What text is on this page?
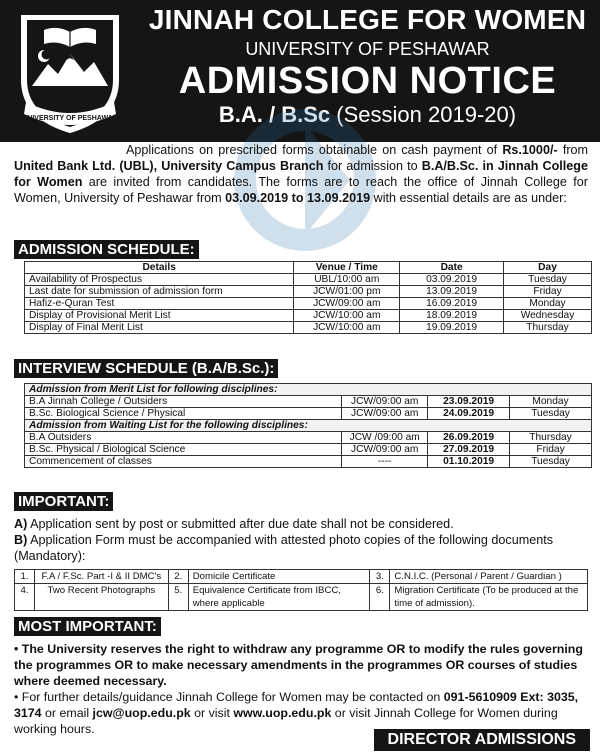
UNIVERSITY OF PESHAWAR
JINNAH COLLEGE FOR WOMEN
UNIVERSITY OF PESHAWAR
ADMISSION NOTICE
B.A. / B.Sc (Session 2019-20)

Applications on prescribed forms obtainable on cash payment of Rs.1000/- from United Bank Ltd. (UBL), University Campus Branch for admission to B.A/B.Sc. in Jinnah College for Women are invited from candidates. The forms are to reach the office of Jinnah College for Women, University of Peshawar from 03.09.2019 to 13.09.2019 with essential details are as under:

ADMISSION SCHEDULE:
Details	Venue / Time	Date	Day
Availability of Prospectus	UBL/10:00 am	03.09.2019	Tuesday
Last date for submission of admission form	JCW/01:00 pm	13.09.2019	Friday
Hafiz-e-Quran Test	JCW/09:00 am	16.09.2019	Monday
Display of Provisional Merit List	JCW/10:00 am	18.09.2019	Wednesday
Display of Final Merit List	JCW/10:00 am	19.09.2019	Thursday
INTERVIEW SCHEDULE (B.A/B.Sc.):
Admission from Merit List for following disciplines:			
B.A Jinnah College / Outsiders	JCW/09:00 am	23.09.2019	Monday
B.Sc. Biological Science / Physical	JCW/09:00 am	24.09.2019	Tuesday
Admission from Waiting List for the following disciplines:			
B.A Outsiders	JCW /09:00 am	26.09.2019	Thursday
B.Sc. Physical / Biological Science	JCW/09:00 am	27.09.2019	Friday
Commencement of classes	----	01.10.2019	Tuesday
IMPORTANT:
A) Application sent by post or submitted after due date shall not be considered.
B) Application Form must be accompanied with attested photo copies of the following documents (Mandatory):
1.	F.A / F.Sc. Part -I & II DMC's	2.	Domicile Certificate	3.	C.N.I.C. (Personal / Parent / Guardian )
4.	Two Recent Photographs	5.	Equivalence Certificate from IBCC, where applicable	6.	Migration Certificate (To be produced at the time of admission).
MOST IMPORTANT:

• The University reserves the right to withdraw any programme OR to modify the rules governing the programmes OR to make necessary amendments in the programmes OR courses of studies where deemed necessary.

• For further details/guidance Jinnah College for Women may be contacted on 091-5610909 Ext: 3035, 3174 or email jcw@uop.edu.pk or visit www.uop.edu.pk or visit Jinnah College for Women during working hours.

DIRECTOR ADMISSIONS
